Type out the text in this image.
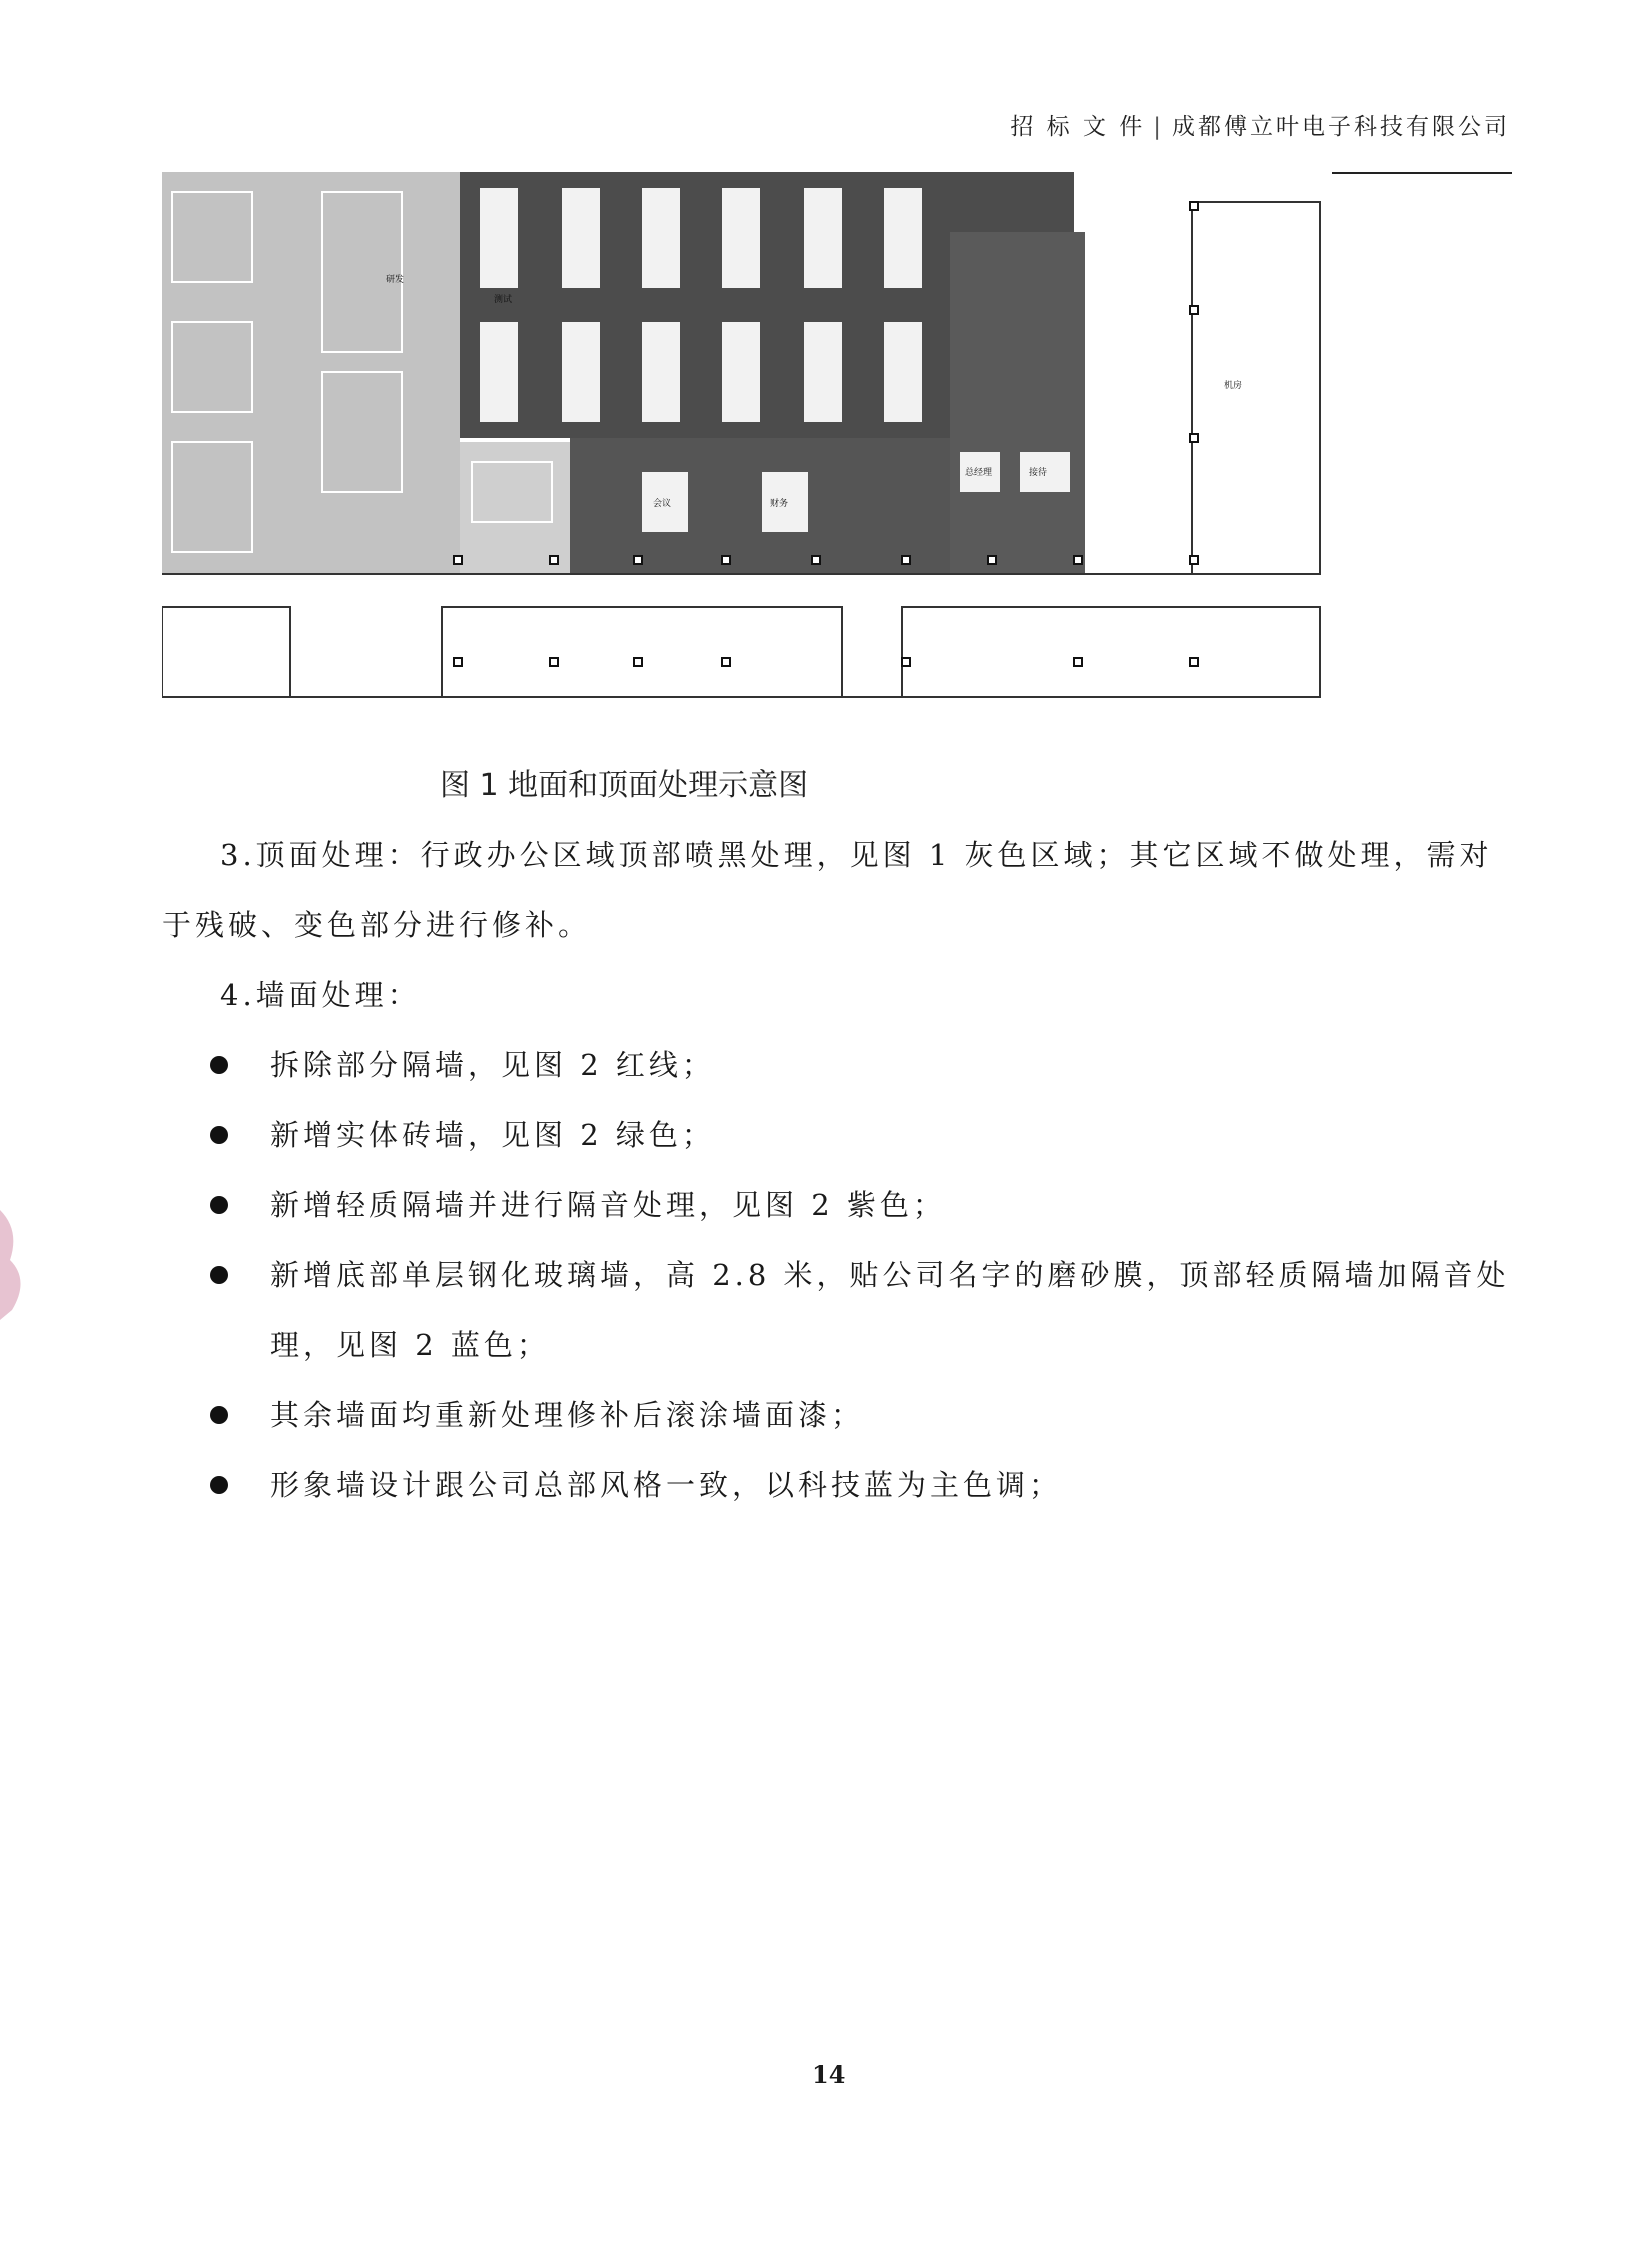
招 标 文 件 | 成都傅立叶电子科技有限公司
研发
测试
会议	财务
总经理	接待
机房
图 1 地面和顶面处理示意图
3.顶面处理：行政办公区域顶部喷黑处理，见图 1 灰色区域；其它区域不做处理，需对于残破、变色部分进行修补。
4.墙面处理：
拆除部分隔墙，见图 2 红线；
新增实体砖墙，见图 2 绿色；
新增轻质隔墙并进行隔音处理，见图 2 紫色；
新增底部单层钢化玻璃墙，高 2.8 米，贴公司名字的磨砂膜，顶部轻质隔墙加隔音处理，见图 2 蓝色；
其余墙面均重新处理修补后滚涂墙面漆；
形象墙设计跟公司总部风格一致，以科技蓝为主色调；
14
